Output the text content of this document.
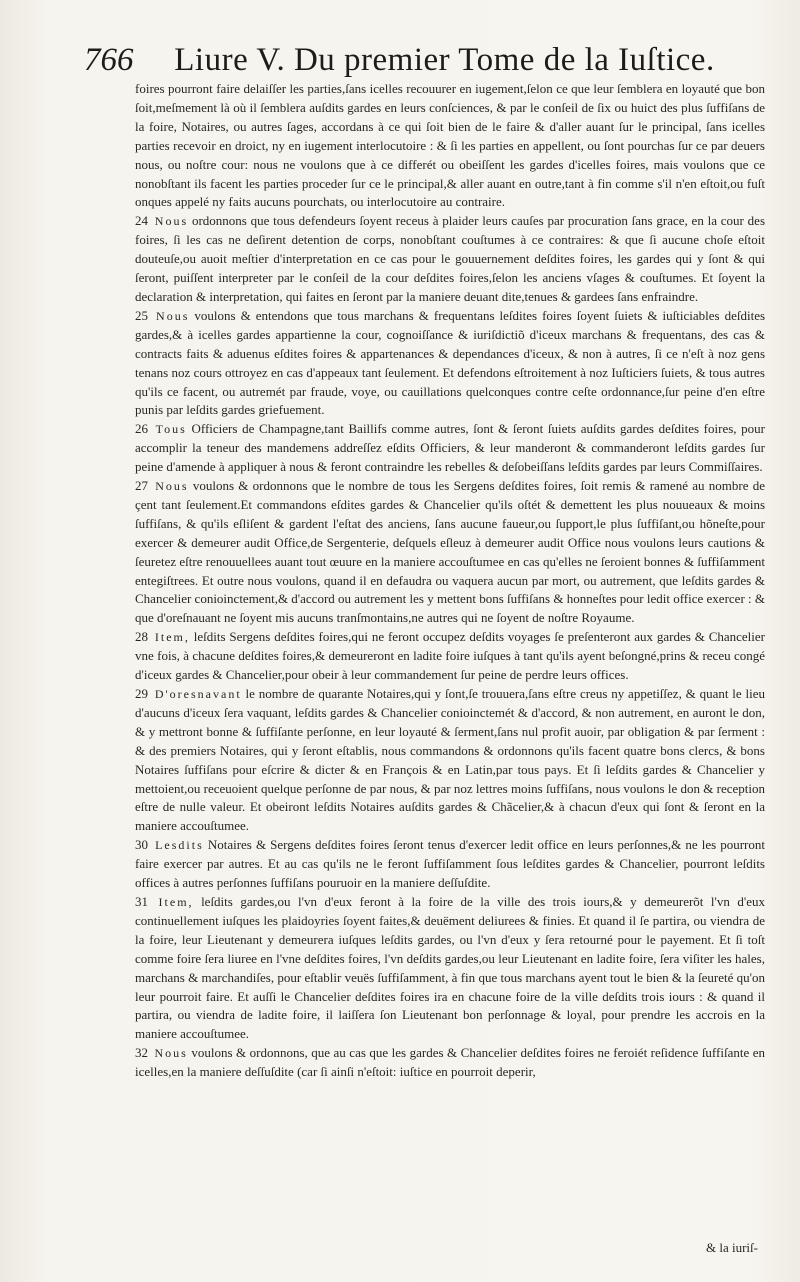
766 Liure V. Du premier Tome de la Iuſtice.

foires pourront faire delaiſſer les parties,ſans icelles recouurer en iugement,ſelon ce que leur ſemblera en loyauté que bon ſoit,meſmement là où il ſemblera auſdits gardes en leurs conſciences, & par le conſeil de ſix ou huict des plus ſuffiſans de la foire, Notaires, ou autres ſages, accordans à ce qui ſoit bien de le faire & d'aller auant ſur le principal, ſans icelles parties recevoir en droict, ny en iugement interlocutoire : & ſi les parties en appellent, ou ſont pourchas ſur ce par deuers nous, ou noſtre cour: nous ne voulons que à ce differét ou obeiſſent les gardes d'icelles foires, mais voulons que ce nonobſtant ils facent les parties proceder ſur ce le principal,& aller auant en outre,tant à fin comme s'il n'en eſtoit,ou fuſt onques appelé ny faits aucuns pourchats, ou interlocutoire au contraire.

24 Nous ordonnons que tous defendeurs ſoyent receus à plaider leurs cauſes par procuration ſans grace, en la cour des foires, ſi les cas ne deſirent detention de corps, nonobſtant couſtumes à ce contraires: & que ſi aucune choſe eſtoit douteuſe,ou auoit meſtier d'interpretation en ce cas pour le gouuernement deſdites foires, les gardes qui y ſont & qui ſeront, puiſſent interpreter par le conſeil de la cour deſdites foires,ſelon les anciens vſages & couſtumes. Et ſoyent la declaration & interpretation, qui faites en ſeront par la maniere deuant dite,tenues & gardees ſans enfraindre.

25 Nous voulons & entendons que tous marchans & frequentans leſdites foires ſoyent ſuiets & iuſticiables deſdites gardes,& à icelles gardes appartienne la cour, cognoiſſance & iuriſdictiõ d'iceux marchans & frequentans, des cas & contracts faits & aduenus eſdites foires & appartenances & dependances d'iceux, & non à autres, ſi ce n'eſt à noz gens tenans noz cours ottroyez en cas d'appeaux tant ſeulement. Et defendons eſtroitement à noz Iuſticiers ſuiets, & tous autres qu'ils ce facent, ou autremét par fraude, voye, ou cauillations quelconques contre ceſte ordonnance,ſur peine d'en eſtre punis par leſdits gardes griefuement.

26 Tous Officiers de Champagne,tant Baillifs comme autres, ſont & ſeront ſuiets auſdits gardes deſdites foires, pour accomplir la teneur des mandemens addreſſez eſdits Officiers, & leur manderont & commanderont leſdits gardes ſur peine d'amende à appliquer à nous & feront contraindre les rebelles & deſobeiſſans leſdits gardes par leurs Commiſſaires.

27 Nous voulons & ordonnons que le nombre de tous les Sergens deſdites foires, ſoit remis & ramené au nombre de çent tant ſeulement.Et commandons eſdites gardes & Chancelier qu'ils oſtét & demettent les plus nouueaux & moins ſuffiſans, & qu'ils eſliſent & gardent l'eſtat des anciens, ſans aucune faueur,ou ſupport,le plus ſuffiſant,ou hõneſte,pour exercer & demeurer audit Office,de Sergenterie, deſquels eſleuz à demeurer audit Office nous voulons leurs cautions & ſeuretez eſtre renouuellees auant tout œuure en la maniere accouſtumee en cas qu'elles ne ſeroient bonnes & ſuffiſamment entegiſtrees. Et outre nous voulons, quand il en defaudra ou vaquera aucun par mort, ou autrement, que leſdits gardes & Chancelier conioinctement,& d'accord ou autrement les y mettent bons ſuffiſans & honneſtes pour ledit office exercer : & que d'oreſnauant ne ſoyent mis aucuns tranſmontains,ne autres qui ne ſoyent de noſtre Royaume.

28 Item, leſdits Sergens deſdites foires,qui ne feront occupez deſdits voyages ſe preſenteront aux gardes & Chancelier vne fois, à chacune deſdites foires,& demeureront en ladite foire iuſques à tant qu'ils ayent beſongné,prins & receu congé d'iceux gardes & Chancelier,pour obeir à leur commandement ſur peine de perdre leurs offices.

29 D'oresnavant le nombre de quarante Notaires,qui y ſont,ſe trouuera,ſans eſtre creus ny appetiſſez, & quant le lieu d'aucuns d'iceux ſera vaquant, leſdits gardes & Chancelier conioinctemét & d'accord, & non autrement, en auront le don, & y mettront bonne & ſuffiſante perſonne, en leur loyauté & ſerment,ſans nul profit auoir, par obligation & par ſerment : & des premiers Notaires, qui y ſeront eſtablis, nous commandons & ordonnons qu'ils facent quatre bons clercs, & bons Notaires ſuffiſans pour eſcrire & dicter & en François & en Latin,par tous pays. Et ſi leſdits gardes & Chancelier y mettoient,ou receuoient quelque perſonne de par nous, & par noz lettres moins ſuffiſans, nous voulons le don & reception eſtre de nulle valeur. Et obeiront leſdits Notaires auſdits gardes & Chãcelier,& à chacun d'eux qui ſont & ſeront en la maniere accouſtumee.

30 Lesdits Notaires & Sergens deſdites foires ſeront tenus d'exercer ledit office en leurs perſonnes,& ne les pourront faire exercer par autres. Et au cas qu'ils ne le feront ſuffiſamment ſous leſdites gardes & Chancelier, pourront leſdits offices à autres perſonnes ſuffiſans pouruoir en la maniere deſſuſdite.

31 Item, leſdits gardes,ou l'vn d'eux feront à la foire de la ville des trois iours,& y demeurerõt l'vn d'eux continuellement iuſques les plaidoyries ſoyent faites,& deuëment deliurees & finies. Et quand il ſe partira, ou viendra de la foire, leur Lieutenant y demeurera iuſques leſdits gardes, ou l'vn d'eux y ſera retourné pour le payement. Et ſi toſt comme foire ſera liuree en l'vne deſdites foires, l'vn deſdits gardes,ou leur Lieutenant en ladite foire, ſera viſiter les hales, marchans & marchandiſes, pour eſtablir veuës ſuffiſamment, à fin que tous marchans ayent tout le bien & la ſeureté qu'on leur pourroit faire. Et auſſi le Chancelier deſdites foires ira en chacune foire de la ville deſdits trois iours : & quand il partira, ou viendra de ladite foire, il laiſſera ſon Lieutenant bon perſonnage & loyal, pour prendre les accrois en la maniere accouſtumee.

32 Nous voulons & ordonnons, que au cas que les gardes & Chancelier deſdites foires ne feroiét reſidence ſuffiſante en icelles,en la maniere deſſuſdite (car ſi ainſi n'eſtoit: iuſtice en pourroit deperir,

& la iuriſ-
